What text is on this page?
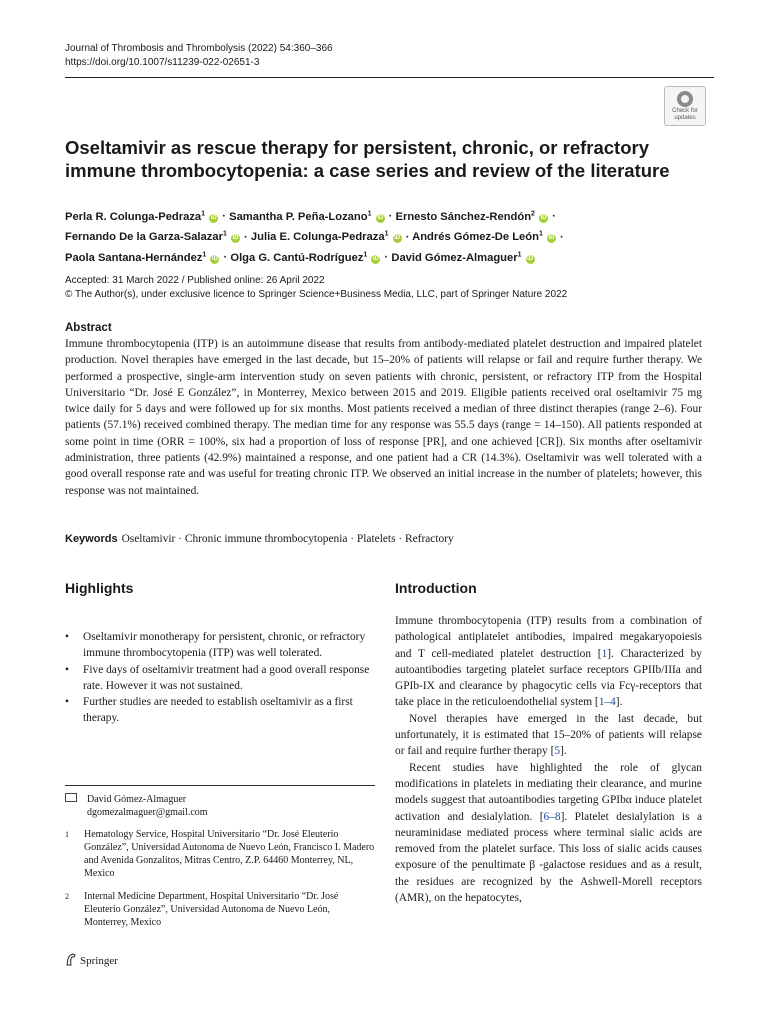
Journal of Thrombosis and Thrombolysis (2022) 54:360–366
https://doi.org/10.1007/s11239-022-02651-3
Check for
updates
Oseltamivir as rescue therapy for persistent, chronic, or refractory
immune thrombocytopenia: a case series and review of the literature
Perla R. Colunga-Pedraza$^1$ iD · Samantha P. Peña-Lozano$^1$ iD · Ernesto Sánchez-Rendón$^2$ iD ·
Fernando De la Garza-Salazar$^1$ iD · Julia E. Colunga-Pedraza$^1$ iD · Andrés Gómez-De León$^1$ iD ·
Paola Santana-Hernández$^1$ iD · Olga G. Cantú-Rodríguez$^1$ iD · David Gómez-Almaguer$^1$ iD
Accepted: 31 March 2022 / Published online: 26 April 2022
© The Author(s), under exclusive licence to Springer Science+Business Media, LLC, part of Springer Nature 2022
Abstract
Immune thrombocytopenia (ITP) is an autoimmune disease that results from antibody-mediated platelet destruction and impaired platelet production. Novel therapies have emerged in the last decade, but 15–20% of patients will relapse or fail and require further therapy. We performed a prospective, single-arm intervention study on seven patients with chronic, persistent, or refractory ITP from the Hospital Universitario “Dr. José E González”, in Monterrey, Mexico between 2015 and 2019. Eligible patients received oral oseltamivir 75 mg twice daily for 5 days and were followed up for six months. Most patients received a median of three distinct therapies (range 2–6). Four patients (57.1%) received combined therapy. The median time for any response was 55.5 days (range = 14–150). All patients responded at some point in time (ORR = 100%, six had a proportion of loss of response [PR], and one achieved [CR]). Six months after oseltamivir administration, three patients (42.9%) maintained a response, and one patient had a CR (14.3%). Oseltamivir was well tolerated with a good overall response rate and was useful for treating chronic ITP. We observed an initial increase in the number of platelets; however, this response was not maintained.
Keywords Oseltamivir · Chronic immune thrombocytopenia · Platelets · Refractory
Highlights
• Oseltamivir monotherapy for persistent, chronic, or refractory immune thrombocytopenia (ITP) was well tolerated.
• Five days of oseltamivir treatment had a good overall response rate. However it was not sustained.
• Further studies are needed to establish oseltamivir as a first therapy.
Introduction

Immune thrombocytopenia (ITP) results from a combination of pathological antiplatelet antibodies, impaired megakaryopoiesis and T cell-mediated platelet destruction [1]. Characterized by autoantibodies targeting platelet surface receptors GPIIb/IIIa and GPIb-IX and clearance by phagocytic cells via Fcγ-receptors that take place in the reticuloendothelial system [1–4].

Novel therapies have emerged in the last decade, but unfortunately, it is estimated that 15–20% of patients will relapse or fail and require further therapy [5].

Recent studies have highlighted the role of glycan modifications in platelets in mediating their clearance, and murine models suggest that autoantibodies targeting GPIbα induce platelet activation and desialylation. [6–8]. Platelet desialylation is a neuraminidase mediated process where terminal sialic acids are removed from the platelet surface. This loss of sialic acids causes exposure of the penultimate β -galactose residues and as a result, the residues are recognized by the Ashwell-Morell receptors (AMR), on the hepatocytes,

David Gómez-Almaguer
dgomezalmaguer@gmail.com
1 Hematology Service, Hospital Universitario “Dr. José Eleuterio González”, Universidad Autonoma de Nuevo León, Francisco I. Madero and Avenida Gonzalitos, Mitras Centro, Z.P. 64460 Monterrey, NL, Mexico
2 Internal Medicine Department, Hospital Universitario “Dr. José Eleuterio González”, Universidad Autonoma de Nuevo León, Monterrey, Mexico
Springer
